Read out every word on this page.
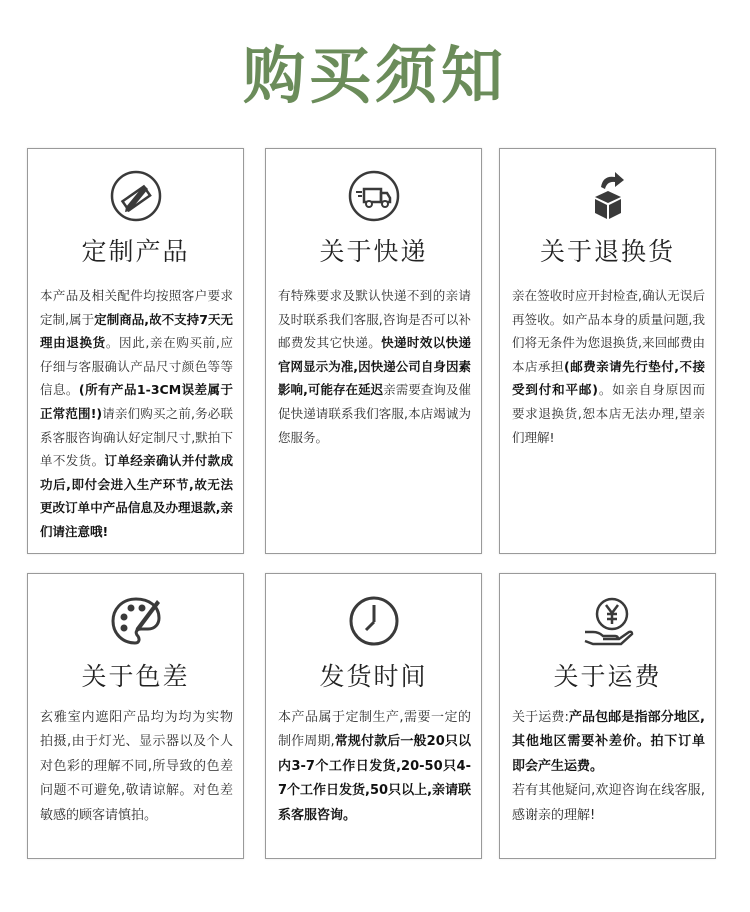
购买须知
定制产品
本产品及相关配件均按照客户要求定制,属于定制商品,故不支持7天无理由退换货。因此,亲在购买前,应仔细与客服确认产品尺寸颜色等等信息。(所有产品1-3CM误差属于正常范围!)请亲们购买之前,务必联系客服咨询确认好定制尺寸,默拍下单不发货。订单经亲确认并付款成功后,即付会进入生产环节,故无法更改订单中产品信息及办理退款,亲们请注意哦!
关于快递
有特殊要求及默认快递不到的亲请及时联系我们客服,咨询是否可以补邮费发其它快递。快递时效以快递官网显示为准,因快递公司自身因素影响,可能存在延迟亲需要查询及催促快递请联系我们客服,本店竭诚为您服务。
关于退换货
亲在签收时应开封检查,确认无误后再签收。如产品本身的质量问题,我们将无条件为您退换货,来回邮费由本店承担(邮费亲请先行垫付,不接受到付和平邮)。如亲自身原因而要求退换货,恕本店无法办理,望亲们理解!
关于色差
玄雅室内遮阳产品均为均为实物拍摄,由于灯光、显示器以及个人对色彩的理解不同,所导致的色差问题不可避免,敬请谅解。对色差敏感的顾客请慎拍。
发货时间
本产品属于定制生产,需要一定的制作周期,常规付款后一般20只以内3-7个工作日发货,20-50只4-7个工作日发货,50只以上,亲请联系客服咨询。
关于运费
关于运费:产品包邮是指部分地区,其他地区需要补差价。拍下订单即会产生运费。
若有其他疑问,欢迎咨询在线客服,感谢亲的理解!
